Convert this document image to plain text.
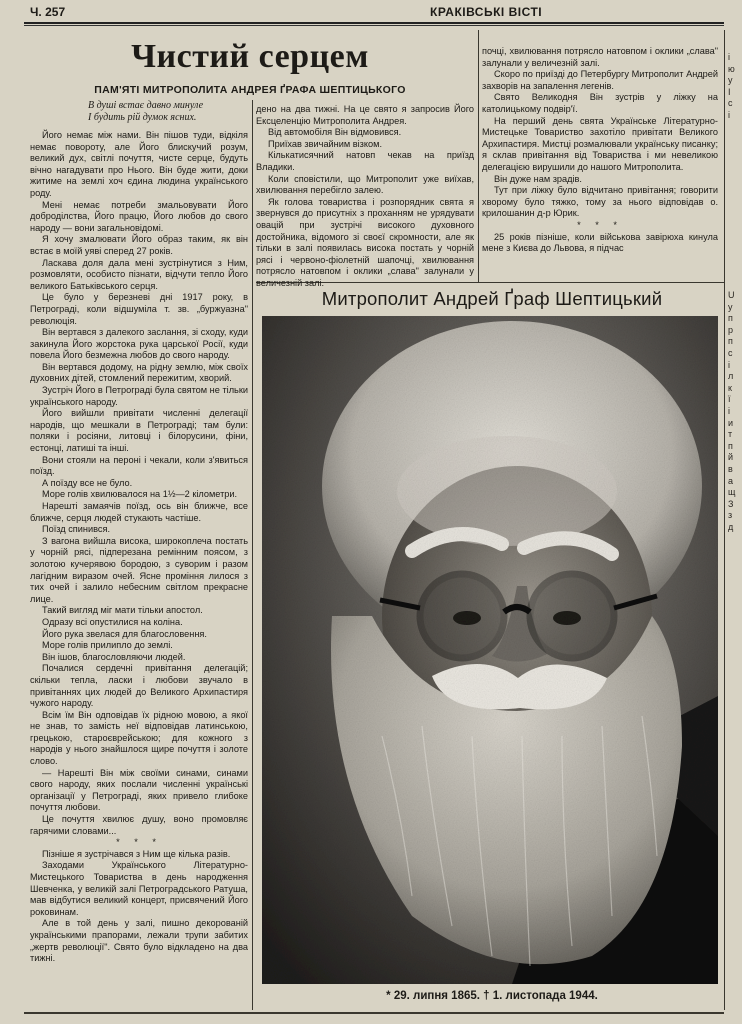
Ч. 257	КРАКІВСЬКІ ВІСТІ
Чистий серцем
ПАМ'ЯТІ МИТРОПОЛИТА АНДРЕЯ ҐРАФА ШЕПТИЦЬКОГО
В душі встає давно минуле
І будить рій думок ясних.

Його немає між нами. Він пішов туди, відкіля немає повороту, але Його блискучий розум, великий дух, світлі почуття, чисте серце, будуть вічно нагадувати про Нього. Він буде жити, доки житиме на землі хоч єдина людина українського роду.

Мені немає потреби змальовувати Його доброділства, Його працю, Його любов до свого народу — вони загальновідомі.

Я хочу змалювати Його образ таким, як він встає в моїй уяві сперед 27 років.

Ласкава доля дала мені зустрінутися з Ним, розмовляти, особисто пізнати, відчути тепло Його великого Батьківського серця.

Це було у березневі дні 1917 року, в Петрограді, коли відшуміла т. зв. „буржуазна" революція.

Він вертався з далекого заслання, зі сходу, куди закинула Його жорстока рука царської Росії, куди повела Його безмежна любов до свого народу.

Він вертався додому, на рідну землю, між своїх духовних дітей, стомлений пережитим, хворий.

Зустріч Його в Петрограді була святом не тільки українського народу.

Його вийшли привітати численні делегації народів, що мешкали в Петрограді; там були: поляки і росіяни, литовці і білорусини, фіни, естонці, латиші та інші.

Вони стояли на пероні і чекали, коли з'явиться поїзд.

А поїзду все не було.

Море голів хвилювалося на 1½—2 кілометри.

Нарешті замаячів поїзд, ось він ближче, все ближче, серця людей стукають частіше.

Поїзд спинився.

З вагона вийшла висока, широкоплеча постать у чорній рясі, підперезана ремінним поясом, з золотою кучерявою бородою, з суворим і разом лагідним виразом очей. Ясне проміння лилося з тих очей і залило небесним світлом прекрасне лице.

Такий вигляд міг мати тільки апостол.

Одразу всі опустилися на коліна.

Його рука звелася для благословення.

Море голів прилипло до землі.

Він ішов, благословляючи людей.

Почалися сердечні привітання делегацій; скільки тепла, ласки і любови звучало в привітаннях цих людей до Великого Архипастиря чужого народу.

Всім їм Він одповідав їх рідною мовою, а якої не знав, то замість неї відповідав латинською, грецькою, староєврейською; для кожного з народів у нього знайшлося щире почуття і золоте слово.

— Нарешті Він між своїми синами, синами свого народу, яких послали численні українські організації у Петрограді, яких привело глибоке почуття любови.

Це почуття хвилює душу, воно промовляє гарячими словами...

* * *

Пізніше я зустрічався з Ним ще кілька разів.

Заходами Українського Літературно-Мистецького Товариства в день народження Шевченка, у великій залі Петроградського Ратуша, мав відбутися великий концерт, присвячений Його роковинам.

Але в той день у залі, пишно декорованій українськими прапорами, лежали трупи забитих „жертв революції". Свято було відкладено на два тижні.

дено на два тижні. На це свято я запросив Його Ексцеленцію Митрополита Андрея.

Від автомобіля Він відмовився.

Приїхав звичайним візком.

Кількатисячний натовп чекав на приїзд Владики.

Коли сповістили, що Митрополит уже виїхав, хвилювання перебігло залею.

Як голова товариства і розпорядник свята я звернувся до присутніх з проханням не урядувати овацій при зустрічі високого духовного достойника, відомого зі своєї скромности, але як тільки в залі появилась висока постать у чорній рясі і червоно-фіолетній шапочці, хвилювання потрясло натовпом і оклики „слава" залунали у величезній залі.

почці, хвилювання потрясло натовпом і оклики „слава" залунали у величезній залі.

Скоро по приїзді до Петербургу Митрополит Андрей захворів на запалення легенів.

Свято Великодня Він зустрів у ліжку на католицькому подвір'ї.

На перший день свята Українське Літературно-Мистецьке Товариство захотіло привітати Великого Архипастиря. Мистці розмалювали українську писанку; я склав привітання від Товариства і ми невеликою делегацією вирушили до нашого Митрополита.

Він дуже нам зрадів.

Тут при ліжку було відчитано привітання; говорити хворому було тяжко, тому за нього відповідав о. крилошанин д-р Юрик.

* * *

25 років пізніше, коли військова завірюха кинула мене з Києва до Львова, я підчас

Митрополит Андрей Ґраф Шептицький
* 29. липня 1865. † 1. листопада 1944.
і
ю
у
І
с
і
U
у
п
р
п
с
і
л
к
ї
і
и
т
п
й
в
а
щ
З
з
д
